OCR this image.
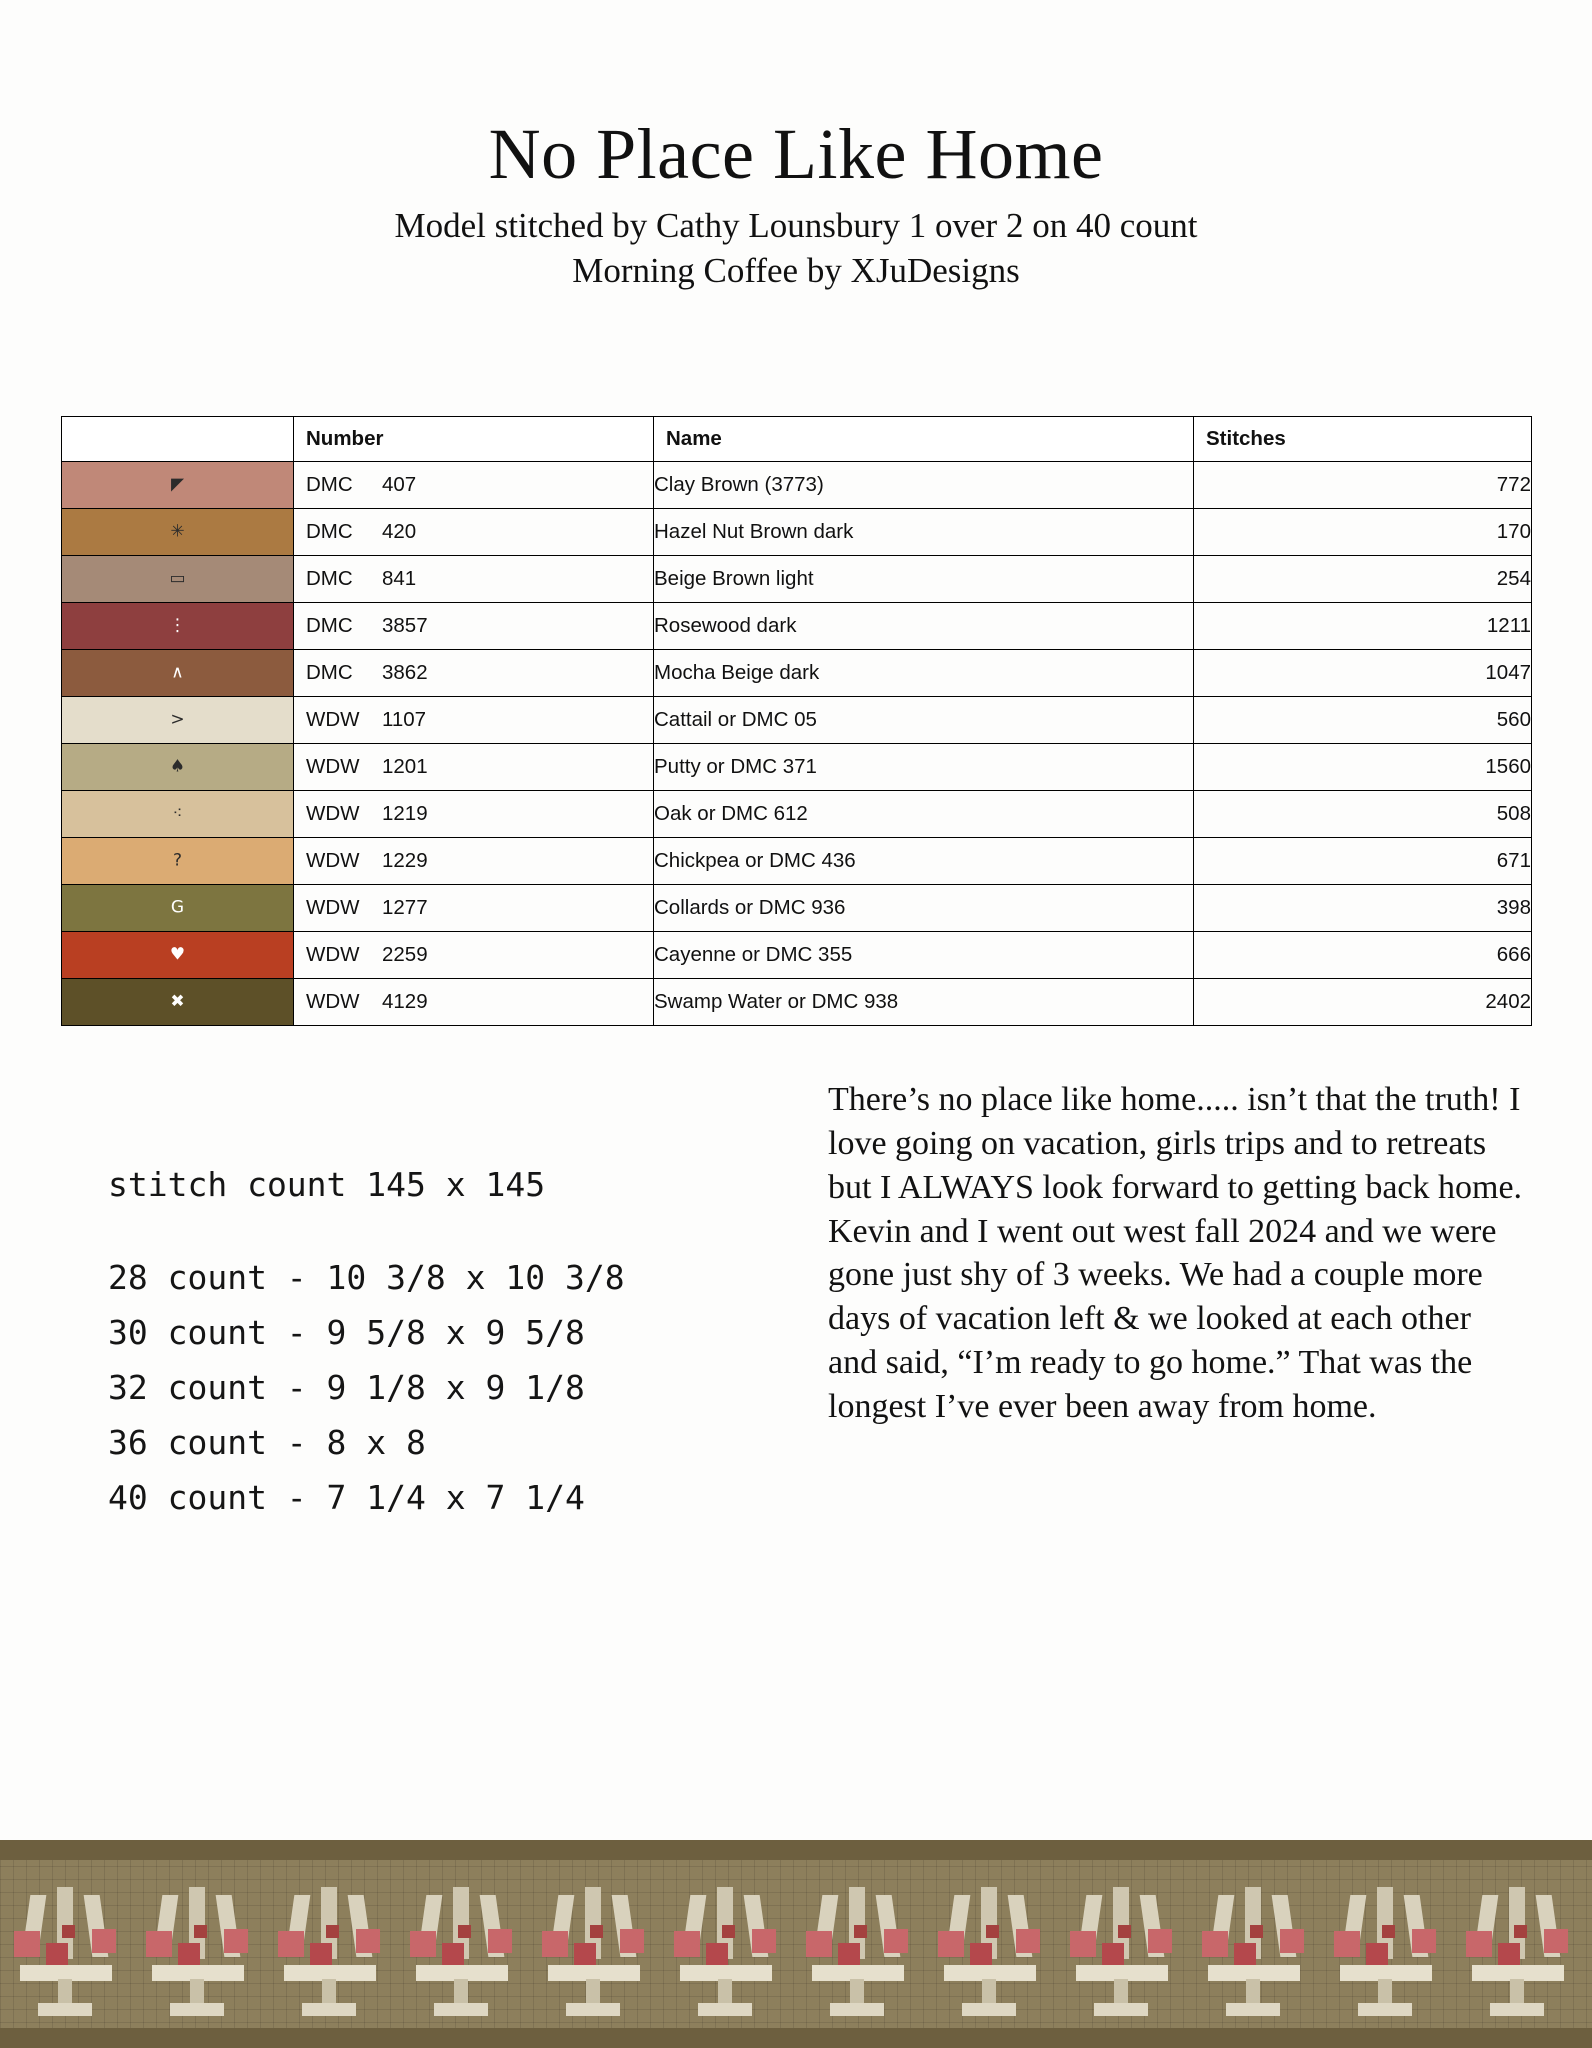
No Place Like Home
Model stitched by Cathy Lounsbury 1 over 2 on 40 count
Morning Coffee by XJuDesigns
	Number	Name	Stitches

◤	DMC 407	Clay Brown (3773)	772

✳	DMC 420	Hazel Nut Brown dark	170

▭	DMC 841	Beige Brown light	254

⋮	DMC 3857	Rosewood dark	1211

∧	DMC 3862	Mocha Beige dark	1047

>	WDW 1107	Cattail or DMC 05	560

♠	WDW 1201	Putty or DMC 371	1560

⁖	WDW 1219	Oak or DMC 612	508

?	WDW 1229	Chickpea or DMC 436	671

G	WDW 1277	Collards or DMC 936	398

♥	WDW 2259	Cayenne or DMC 355	666

✖	WDW 4129	Swamp Water or DMC 938	2402
stitch count 145 x 145
28 count - 10 3/8 x 10 3/8
30 count - 9 5/8 x 9 5/8
32 count - 9 1/8 x 9 1/8
36 count - 8 x 8
40 count - 7 1/4 x 7 1/4

There’s no place like home..... isn’t that the truth! I love going on vacation, girls trips and to retreats but I ALWAYS look forward to getting back home. Kevin and I went out west fall 2024 and we were gone just shy of 3 weeks. We had a couple more days of vacation left & we looked at each other and said, “I’m ready to go home.” That was the longest I’ve ever been away from home.
